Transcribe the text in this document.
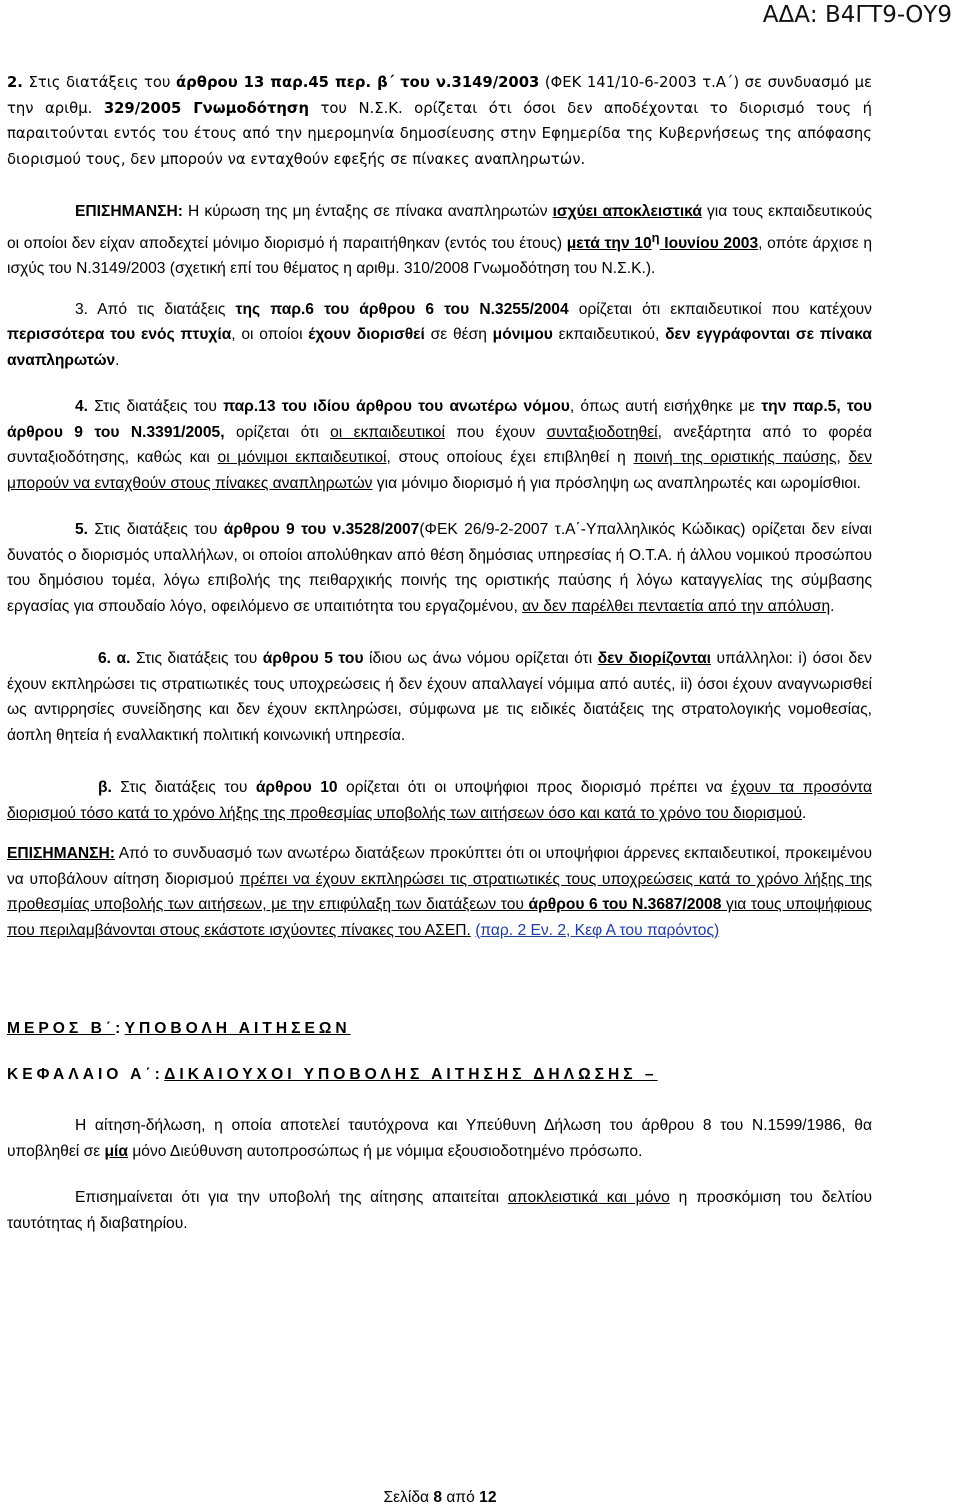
ΑΔΑ: Β4ΓΤ9-ΟΥ9

2. Στις διατάξεις του άρθρου 13 παρ.45 περ. β΄ του ν.3149/2003 (ΦΕΚ 141/10-6-2003 τ.Α΄) σε συνδυασμό με την αριθμ. 329/2005 Γνωμοδότηση του Ν.Σ.Κ. ορίζεται ότι όσοι δεν αποδέχονται το διορισμό τους ή παραιτούνται εντός του έτους από την ημερομηνία δημοσίευσης στην Εφημερίδα της Κυβερνήσεως της απόφασης διορισμού τους, δεν μπορούν να ενταχθούν εφεξής σε πίνακες αναπληρωτών.

ΕΠΙΣΗΜΑΝΣΗ: Η κύρωση της μη ένταξης σε πίνακα αναπληρωτών ισχύει αποκλειστικά για τους εκπαιδευτικούς οι οποίοι δεν είχαν αποδεχτεί μόνιμο διορισμό ή παραιτήθηκαν (εντός του έτους) μετά την $10^\eta$ Ιουνίου 2003, οπότε άρχισε η ισχύς του Ν.3149/2003 (σχετική επί του θέματος η αριθμ. 310/2008 Γνωμοδότηση του Ν.Σ.Κ.).

3. Από τις διατάξεις της παρ.6 του άρθρου 6 του Ν.3255/2004 ορίζεται ότι εκπαιδευτικοί που κατέχουν περισσότερα του ενός πτυχία, οι οποίοι έχουν διορισθεί σε θέση μόνιμου εκπαιδευτικού, δεν εγγράφονται σε πίνακα αναπληρωτών.

4. Στις διατάξεις του παρ.13 του ιδίου άρθρου του ανωτέρω νόμου, όπως αυτή εισήχθηκε με την παρ.5, του άρθρου 9 του Ν.3391/2005, ορίζεται ότι οι εκπαιδευτικοί που έχουν συνταξιοδοτηθεί, ανεξάρτητα από το φορέα συνταξιοδότησης, καθώς και οι μόνιμοι εκπαιδευτικοί, στους οποίους έχει επιβληθεί η ποινή της οριστικής παύσης, δεν μπορούν να ενταχθούν στους πίνακες αναπληρωτών για μόνιμο διορισμό ή για πρόσληψη ως αναπληρωτές και ωρομίσθιοι.

5. Στις διατάξεις του άρθρου 9 του ν.3528/2007(ΦΕΚ 26/9-2-2007 τ.Α΄-Υπαλληλικός Κώδικας) ορίζεται δεν είναι δυνατός ο διορισμός υπαλλήλων, οι οποίοι απολύθηκαν από θέση δημόσιας υπηρεσίας ή Ο.Τ.Α. ή άλλου νομικού προσώπου του δημόσιου τομέα, λόγω επιβολής της πειθαρχικής ποινής της οριστικής παύσης ή λόγω καταγγελίας της σύμβασης εργασίας για σπουδαίο λόγο, οφειλόμενο σε υπαιτιότητα του εργαζομένου, αν δεν παρέλθει πενταετία από την απόλυση.

6. α. Στις διατάξεις του άρθρου 5 του ίδιου ως άνω νόμου ορίζεται ότι δεν διορίζονται υπάλληλοι: i) όσοι δεν έχουν εκπληρώσει τις στρατιωτικές τους υποχρεώσεις ή δεν έχουν απαλλαγεί νόμιμα από αυτές, ii) όσοι έχουν αναγνωρισθεί ως αντιρρησίες συνείδησης και δεν έχουν εκπληρώσει, σύμφωνα με τις ειδικές διατάξεις της στρατολογικής νομοθεσίας, άοπλη θητεία ή εναλλακτική πολιτική κοινωνική υπηρεσία.

β. Στις διατάξεις του άρθρου 10 ορίζεται ότι οι υποψήφιοι προς διορισμό πρέπει να έχουν τα προσόντα διορισμού τόσο κατά το χρόνο λήξης της προθεσμίας υποβολής των αιτήσεων όσο και κατά το χρόνο του διορισμού.

ΕΠΙΣΗΜΑΝΣΗ: Από το συνδυασμό των ανωτέρω διατάξεων προκύπτει ότι οι υποψήφιοι άρρενες εκπαιδευτικοί, προκειμένου να υποβάλουν αίτηση διορισμού πρέπει να έχουν εκπληρώσει τις στρατιωτικές τους υποχρεώσεις κατά το χρόνο λήξης της προθεσμίας υποβολής των αιτήσεων, με την επιφύλαξη των διατάξεων του άρθρου 6 του Ν.3687/2008 για τους υποψήφιους που περιλαμβάνονται στους εκάστοτε ισχύοντες πίνακες του ΑΣΕΠ. (παρ. 2 Εν. 2, Κεφ Α του παρόντος)

ΜΕΡΟΣ Β΄: ΥΠΟΒΟΛΗ ΑΙΤΗΣΕΩΝ

ΚΕΦΑΛΑΙΟ Α΄: ΔΙΚΑΙΟΥΧΟΙ ΥΠΟΒΟΛΗΣ ΑΙΤΗΣΗΣ ΔΗΛΩΣΗΣ –

Η αίτηση-δήλωση, η οποία αποτελεί ταυτόχρονα και Υπεύθυνη Δήλωση του άρθρου 8 του Ν.1599/1986, θα υποβληθεί σε μία μόνο Διεύθυνση αυτοπροσώπως ή με νόμιμα εξουσιοδοτημένο πρόσωπο.

Επισημαίνεται ότι για την υποβολή της αίτησης απαιτείται αποκλειστικά και μόνο η προσκόμιση του δελτίου ταυτότητας ή διαβατηρίου.

Σελίδα 8 από 12
